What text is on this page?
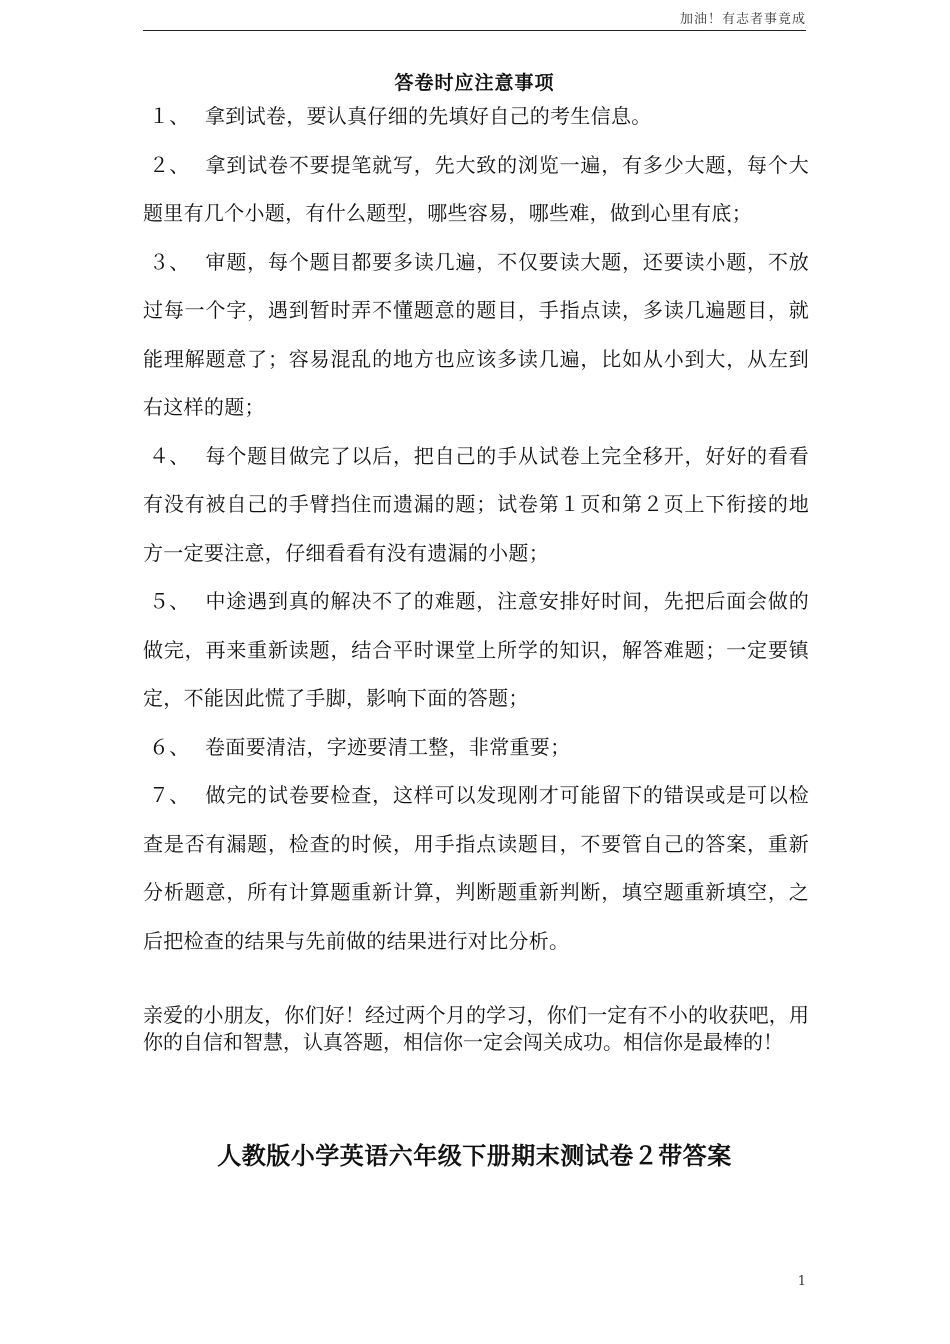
加油！有志者事竟成
答卷时应注意事项
１、 拿到试卷，要认真仔细的先填好自己的考生信息。
２、 拿到试卷不要提笔就写，先大致的浏览一遍，有多少大题，每个大题里有几个小题，有什么题型，哪些容易，哪些难，做到心里有底；
３、 审题，每个题目都要多读几遍，不仅要读大题，还要读小题，不放过每一个字，遇到暂时弄不懂题意的题目，手指点读，多读几遍题目，就能理解题意了；容易混乱的地方也应该多读几遍，比如从小到大，从左到右这样的题；
４、 每个题目做完了以后，把自己的手从试卷上完全移开，好好的看看有没有被自己的手臂挡住而遗漏的题；试卷第１页和第２页上下衔接的地方一定要注意，仔细看看有没有遗漏的小题；
５、 中途遇到真的解决不了的难题，注意安排好时间，先把后面会做的做完，再来重新读题，结合平时课堂上所学的知识，解答难题；一定要镇定，不能因此慌了手脚，影响下面的答题；
６、 卷面要清洁，字迹要清工整，非常重要；
７、 做完的试卷要检查，这样可以发现刚才可能留下的错误或是可以检查是否有漏题，检查的时候，用手指点读题目，不要管自己的答案，重新分析题意，所有计算题重新计算，判断题重新判断，填空题重新填空，之后把检查的结果与先前做的结果进行对比分析。
亲爱的小朋友，你们好！经过两个月的学习，你们一定有不小的收获吧，用你的自信和智慧，认真答题，相信你一定会闯关成功。相信你是最棒的！
人教版小学英语六年级下册期末测试卷２带答案
1
